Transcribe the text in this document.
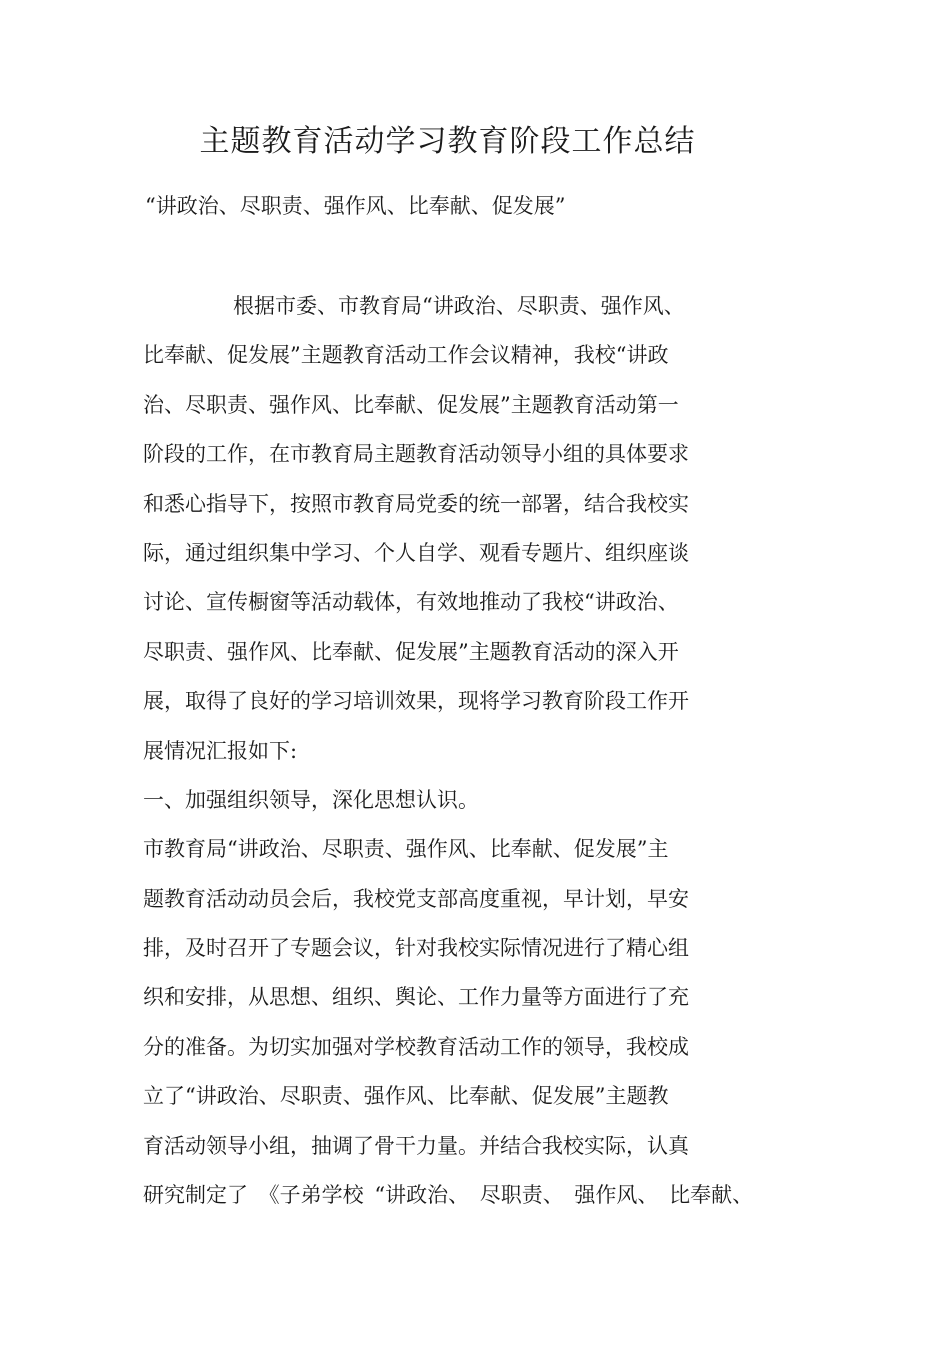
主题教育活动学习教育阶段工作总结
“讲政治、尽职责、强作风、比奉献、促发展”
根据市委、市教育局“讲政治、尽职责、强作风、
比奉献、促发展”主题教育活动工作会议精神，我校“讲政
治、尽职责、强作风、比奉献、促发展”主题教育活动第一
阶段的工作，在市教育局主题教育活动领导小组的具体要求
和悉心指导下，按照市教育局党委的统一部署，结合我校实
际，通过组织集中学习、个人自学、观看专题片、组织座谈
讨论、宣传橱窗等活动载体，有效地推动了我校“讲政治、
尽职责、强作风、比奉献、促发展”主题教育活动的深入开
展，取得了良好的学习培训效果，现将学习教育阶段工作开
展情况汇报如下:
一、加强组织领导，深化思想认识。
市教育局“讲政治、尽职责、强作风、比奉献、促发展”主
题教育活动动员会后，我校党支部高度重视，早计划，早安
排，及时召开了专题会议，针对我校实际情况进行了精心组
织和安排，从思想、组织、舆论、工作力量等方面进行了充
分的准备。为切实加强对学校教育活动工作的领导，我校成
立了“讲政治、尽职责、强作风、比奉献、促发展”主题教
育活动领导小组，抽调了骨干力量。并结合我校实际，认真
研究制定了 《子弟学校 “讲政治、 尽职责、 强作风、 比奉献、
